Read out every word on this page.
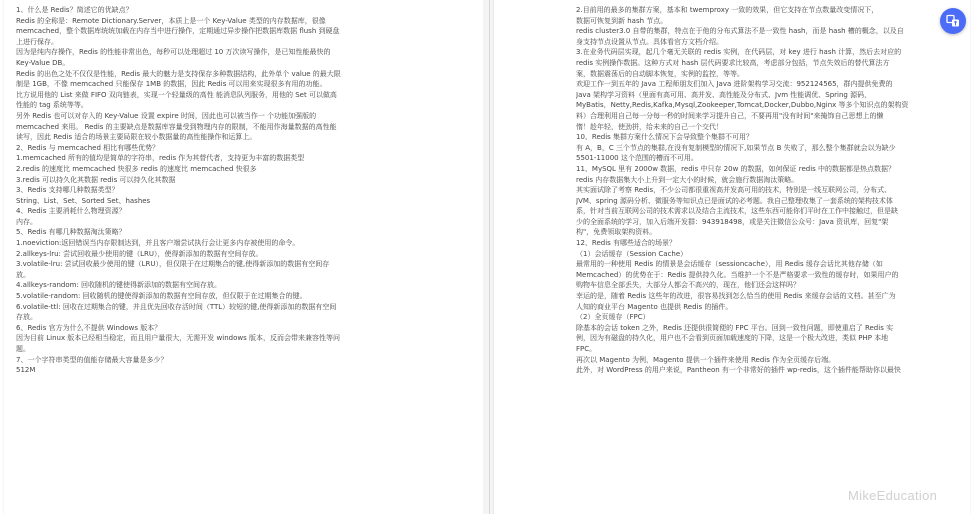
1、什么是 Redis？简述它的优缺点？
Redis 的全称是：Remote Dictionary.Server，本质上是一个 Key-Value 类型的内存数据库，很像
memcached，整个数据库统统加载在内存当中进行操作，定期通过异步操作把数据库数据 flush 到硬盘
上进行保存。
因为是纯内存操作，Redis 的性能非常出色，每秒可以处理超过 10 万次读写操作，是已知性能最快的
Key-Value DB。
Redis 的出色之处不仅仅是性能，Redis 最大的魅力是支持保存多种数据结构，此外单个 value 的最大限
制是 1GB，不像 memcached 只能保存 1MB 的数据，因此 Redis 可以用来实现很多有用的功能。
比方说用他的 List 来做 FIFO 双向链表，实现一个轻量级的高性 能消息队列服务，用他的 Set 可以做高
性能的 tag 系统等等。
另外 Redis 也可以对存入的 Key-Value 设置 expire 时间，因此也可以被当作一 个功能加强版的
memcached 来用。 Redis 的主要缺点是数据库容量受到物理内存的限制，不能用作海量数据的高性能
读写，因此 Redis 适合的场景主要局限在较小数据量的高性能操作和运算上。
2、Redis 与 memcached 相比有哪些优势？
1.memcached 所有的值均是简单的字符串，redis 作为其替代者，支持更为丰富的数据类型
2.redis 的速度比 memcached 快很多 redis 的速度比 memcached 快很多
3.redis 可以持久化其数据 redis 可以持久化其数据
3、Redis 支持哪几种数据类型？
String、List、Set、Sorted Set、hashes
4、Redis 主要消耗什么物理资源？
内存。
5、Redis 有哪几种数据淘汰策略？
1.noeviction:返回错误当内存限制达到，并且客户端尝试执行会让更多内存被使用的命令。
2.allkeys-lru: 尝试回收最少使用的键（LRU），使得新添加的数据有空间存放。
3.volatile-lru: 尝试回收最少使用的键（LRU），但仅限于在过期集合的键,使得新添加的数据有空间存
放。
4.allkeys-random: 回收随机的键使得新添加的数据有空间存放。
5.volatile-random: 回收随机的键使得新添加的数据有空间存放，但仅限于在过期集合的键。
6.volatile-ttl: 回收在过期集合的键，并且优先回收存活时间（TTL）较短的键,使得新添加的数据有空间
存放。
6、Redis 官方为什么不提供 Windows 版本？
因为目前 Linux 版本已经相当稳定，而且用户量很大，无需开发 windows 版本，反而会带来兼容性等问
题。
7、一个字符串类型的值能存储最大容量是多少？
512M
2.目前用的最多的集群方案，基本和 twemproxy 一致的效果，但它支持在节点数量改变情况下，
数据可恢复到新 hash 节点。
redis cluster3.0 自带的集群，特点在于他的分布式算法不是一致性 hash，而是 hash 槽的概念，以及自
身支持节点设置从节点。具体看官方文档介绍。
3.在业务代码层实现，起几个毫无关联的 redis 实例，在代码层，对 key 进行 hash 计算，然后去对应的
redis 实例操作数据。这种方式对 hash 层代码要求比较高，考虑部分包括，节点失效后的替代算法方
案，数据震荡后的自动脚本恢复，实例的监控，等等。
欢迎工作一到五年的 Java 工程师朋友们加入 Java 进阶架构学习交流：952124565，群内提供免费的
Java 架构学习资料（里面有高可用、高并发、高性能及分布式、Jvm 性能调优、Spring 源码，
MyBatis，Netty,Redis,Kafka,Mysql,Zookeeper,Tomcat,Docker,Dubbo,Nginx 等多个知识点的架构资
料）合理利用自己每一分每一秒的时间来学习提升自己，不要再用"没有时间"来掩饰自己思想上的懒
惰！趁年轻，使劲拼，给未来的自己一个交代！
10、Redis 集群方案什么情况下会导致整个集群不可用？
有 A，B，C 三个节点的集群,在没有复制模型的情况下,如果节点 B 失败了，那么整个集群就会以为缺少
5501-11000 这个范围的槽而不可用。
11、MySQL 里有 2000w 数据，redis 中只存 20w 的数据，如何保证 redis 中的数据都是热点数据？
redis 内存数据集大小上升到一定大小的时候，就会施行数据淘汰策略。
其实面试除了考察 Redis，不少公司都很重视高并发高可用的技术，特别是一线互联网公司，分布式、
JVM、spring 源码分析、微服务等知识点已是面试的必考题。我自己整理收集了一套系统的架构技术体
系，针对当前互联网公司的技术需求以及结合主流技术，这些东西可能你们平时在工作中接触过，但是缺
少的全面系统的学习，加入后端开发群：943918498，或是关注微信公众号：Java 资讯库，回复"架
构"，免费领取架构资料。
12、Redis 有哪些适合的场景？
（1）会话缓存（Session Cache）
最常用的一种使用 Redis 的情景是会话缓存（sessioncache），用 Redis 缓存会话比其他存储（如
Memcached）的优势在于：Redis 提供持久化。当维护一个不是严格要求一致性的缓存时，如果用户的
购物车信息全部丢失，大部分人都会不高兴的，现在，他们还会这样吗？
幸运的是，随着 Redis 这些年的改进，很容易找到怎么恰当的使用 Redis 来缓存会话的文档。甚至广为
人知的商业平台 Magento 也提供 Redis 的插件。
（2）全页缓存（FPC）
除基本的会话 token 之外，Redis 还提供很简便的 FPC 平台。回到一致性问题，即使重启了 Redis 实
例，因为有磁盘的持久化，用户也不会看到页面加载速度的下降，这是一个极大改进，类似 PHP 本地
FPC。
再次以 Magento 为例，Magento 提供一个插件来使用 Redis 作为全页缓存后端。
此外，对 WordPress 的用户来说，Pantheon 有一个非常好的插件 wp-redis，这个插件能帮助你以最快
MikeEducation
